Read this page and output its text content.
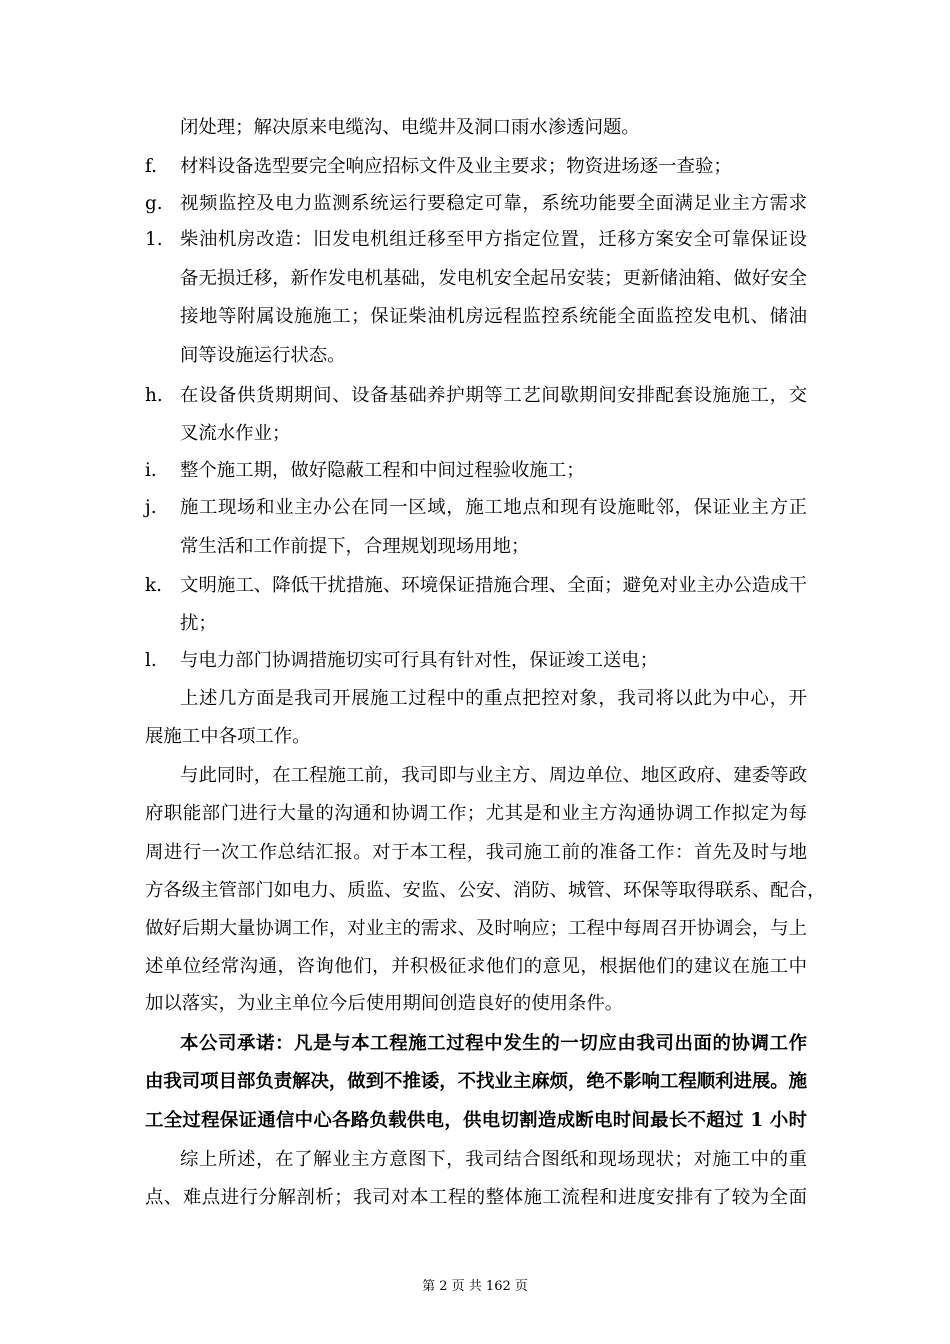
闭处理；解决原来电缆沟、电缆井及洞口雨水渗透问题。
f. 材料设备选型要完全响应招标文件及业主要求；物资进场逐一查验；
g. 视频监控及电力监测系统运行要稳定可靠，系统功能要全面满足业主方需求
1. 柴油机房改造：旧发电机组迁移至甲方指定位置，迁移方案安全可靠保证设
备无损迁移，新作发电机基础，发电机安全起吊安装；更新储油箱、做好安全
接地等附属设施施工；保证柴油机房远程监控系统能全面监控发电机、储油
间等设施运行状态。
h. 在设备供货期期间、设备基础养护期等工艺间歇期间安排配套设施施工，交
叉流水作业；
i. 整个施工期，做好隐蔽工程和中间过程验收施工；
j. 施工现场和业主办公在同一区域，施工地点和现有设施毗邻，保证业主方正
常生活和工作前提下，合理规划现场用地；
k. 文明施工、降低干扰措施、环境保证措施合理、全面；避免对业主办公造成干
扰；
l. 与电力部门协调措施切实可行具有针对性，保证竣工送电；
上述几方面是我司开展施工过程中的重点把控对象，我司将以此为中心，开
展施工中各项工作。
与此同时，在工程施工前，我司即与业主方、周边单位、地区政府、建委等政
府职能部门进行大量的沟通和协调工作；尤其是和业主方沟通协调工作拟定为每
周进行一次工作总结汇报。对于本工程，我司施工前的准备工作：首先及时与地
方各级主管部门如电力、质监、安监、公安、消防、城管、环保等取得联系、配合，
做好后期大量协调工作，对业主的需求、及时响应；工程中每周召开协调会，与上
述单位经常沟通，咨询他们，并积极征求他们的意见，根据他们的建议在施工中
加以落实，为业主单位今后使用期间创造良好的使用条件。
本公司承诺：凡是与本工程施工过程中发生的一切应由我司出面的协调工作
由我司项目部负责解决，做到不推诿，不找业主麻烦，绝不影响工程顺利进展。施
工全过程保证通信中心各路负载供电，供电切割造成断电时间最长不超过 1 小时
综上所述，在了解业主方意图下，我司结合图纸和现场现状；对施工中的重
点、难点进行分解剖析；我司对本工程的整体施工流程和进度安排有了较为全面
第 2 页 共 162 页
